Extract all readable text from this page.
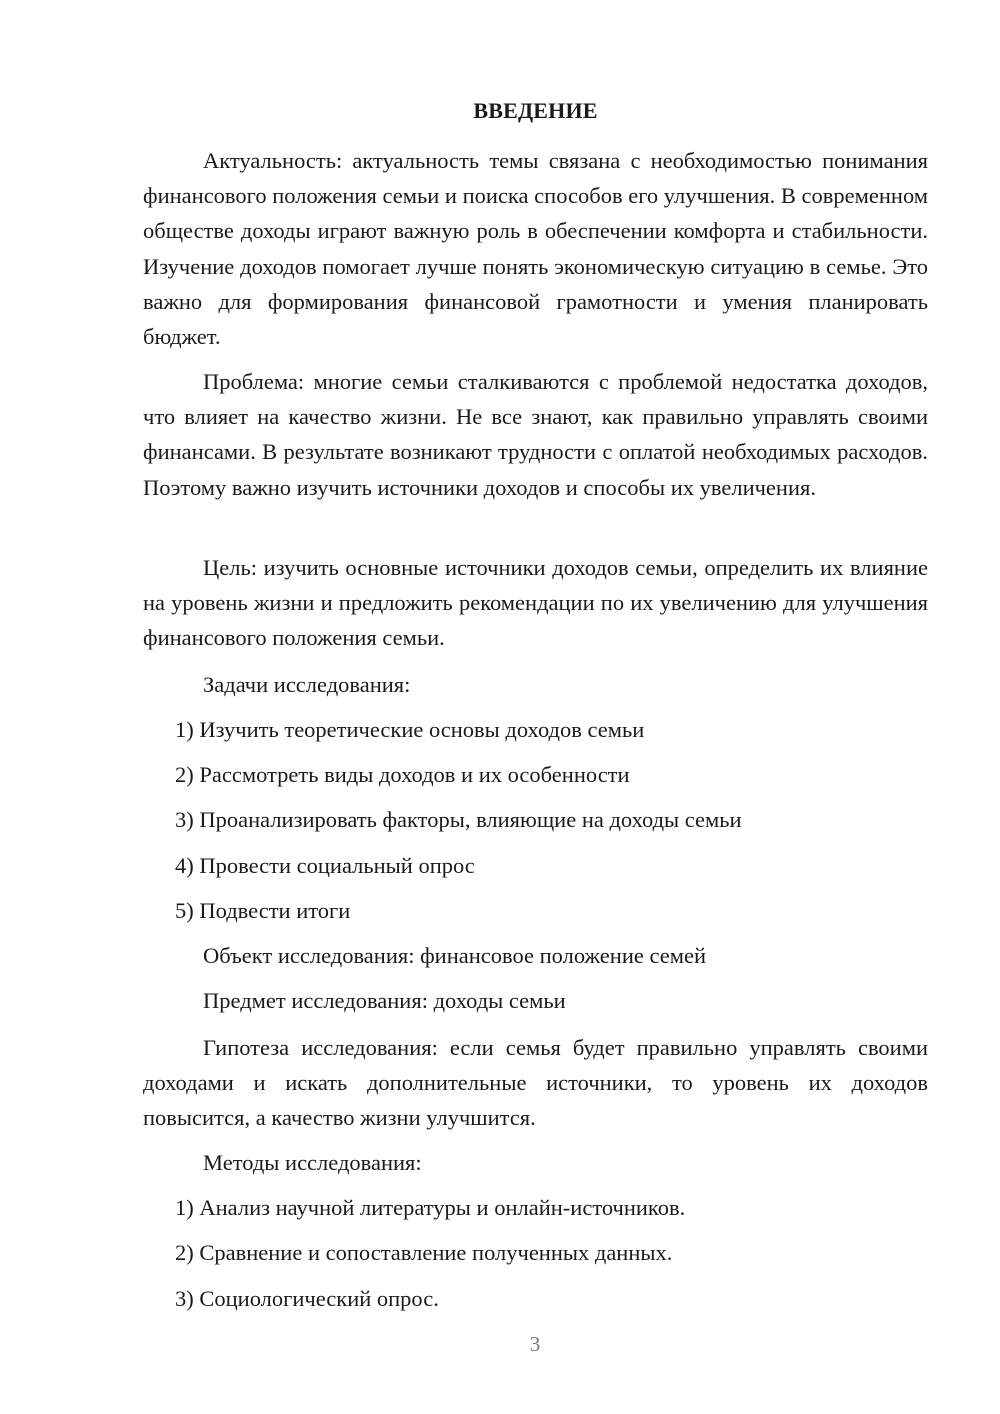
ВВЕДЕНИЕ

Актуальность: актуальность темы связана с необходимостью понимания финансового положения семьи и поиска способов его улучшения. В современном обществе доходы играют важную роль в обеспечении комфорта и стабильности. Изучение доходов помогает лучше понять экономическую ситуацию в семье. Это важно для формирования финансовой грамотности и умения планировать бюджет.

Проблема: многие семьи сталкиваются с проблемой недостатка доходов, что влияет на качество жизни. Не все знают, как правильно управлять своими финансами. В результате возникают трудности с оплатой необходимых расходов. Поэтому важно изучить источники доходов и способы их увеличения.

Цель: изучить основные источники доходов семьи, определить их влияние на уровень жизни и предложить рекомендации по их увеличению для улучшения финансового положения семьи.

Задачи исследования:
1) Изучить теоретические основы доходов семьи
2) Рассмотреть виды доходов и их особенности
3) Проанализировать факторы, влияющие на доходы семьи
4) Провести социальный опрос
5) Подвести итоги
Объект исследования: финансовое положение семей
Предмет исследования: доходы семьи

Гипотеза исследования: если семья будет правильно управлять своими доходами и искать дополнительные источники, то уровень их доходов повысится, а качество жизни улучшится.

Методы исследования:
1) Анализ научной литературы и онлайн-источников.
2) Сравнение и сопоставление полученных данных.
3) Социологический опрос.
3
